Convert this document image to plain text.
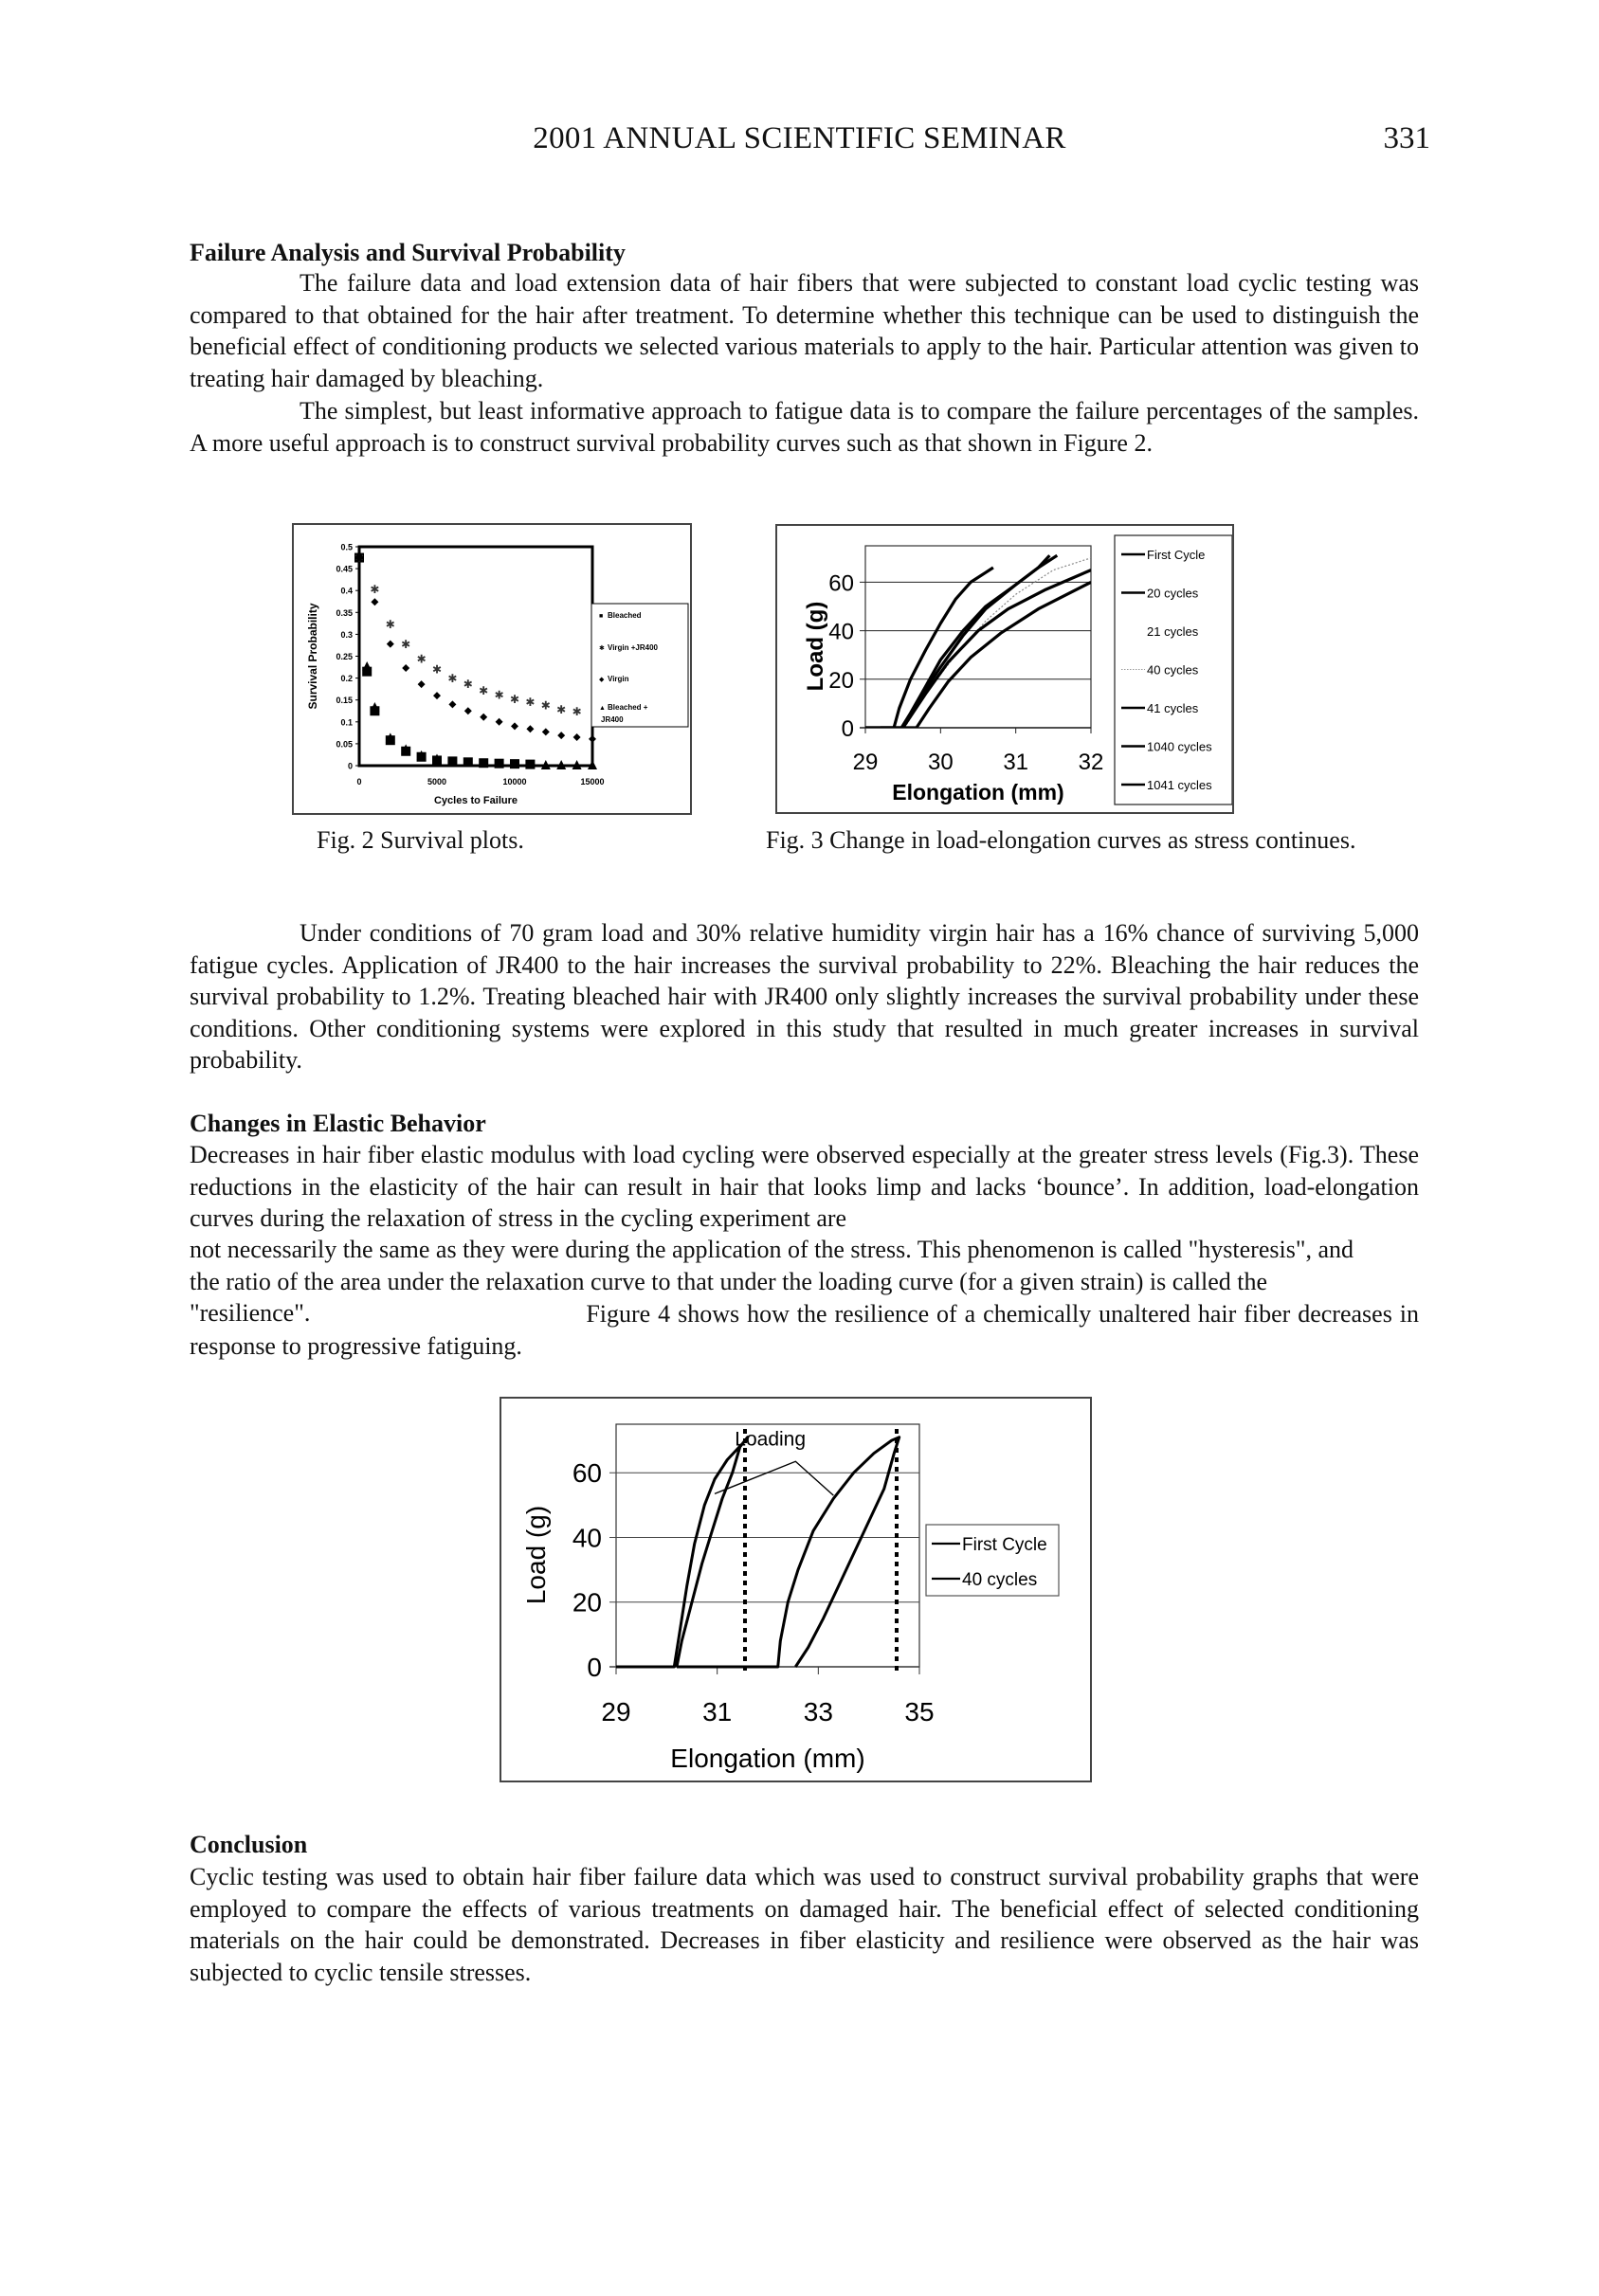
2001 ANNUAL SCIENTIFIC SEMINAR	331
Failure Analysis and Survival Probability
The failure data and load extension data of hair fibers that were subjected to constant load cyclic testing was compared to that obtained for the hair after treatment. To determine whether this technique can be used to distinguish the beneficial effect of conditioning products we selected various materials to apply to the hair. Particular attention was given to treating hair damaged by bleaching.
The simplest, but least informative approach to fatigue data is to compare the failure percentages of the samples. A more useful approach is to construct survival probability curves such as that shown in Figure 2.
0
0.05
0.1
0.15
0.2
0.25
0.3
0.35
0.4
0.45
0.5
0	5000	10000	15000
Cycles to Failure
Survival Probability
✱
✱
✱
✱
✱
✱ ✱ ✱ ✱ ✱ ✱ ✱ ✱ ✱
■ Bleached
✱ Virgin +JR400
◆ Virgin
▲ Bleached +
JR400
Fig. 2 Survival plots.
0
20
40
60
29 30 31 32
Elongation (mm)
Load (g)
First Cycle
20 cycles
21 cycles
40 cycles
41 cycles
1040 cycles
1041 cycles
Fig. 3 Change in load-elongation curves as stress continues.
Under conditions of 70 gram load and 30% relative humidity virgin hair has a 16% chance of surviving 5,000 fatigue cycles. Application of JR400 to the hair increases the survival probability to 22%. Bleaching the hair reduces the survival probability to 1.2%. Treating bleached hair with JR400 only slightly increases the survival probability under these conditions. Other conditioning systems were explored in this study that resulted in much greater increases in survival probability.
Changes in Elastic Behavior
Decreases in hair fiber elastic modulus with load cycling were observed especially at the greater stress levels (Fig.3). These reductions in the elasticity of the hair can result in hair that looks limp and lacks ‘bounce’. In addition, load-elongation curves during the relaxation of stress in the cycling experiment are
not necessarily the same as they were during the application of the stress. This phenomenon is called "hysteresis", and the ratio of the area under the relaxation curve to that under the loading curve (for a given strain) is called the "resilience".	Figure 4 shows how the resilience of a chemically unaltered hair fiber decreases in response to progressive fatiguing.
0
20
40
60
29	31	33	35
Elongation (mm)
Load (g)
Loading
First Cycle
40 cycles
Conclusion
Cyclic testing was used to obtain hair fiber failure data which was used to construct survival probability graphs that were employed to compare the effects of various treatments on damaged hair. The beneficial effect of selected conditioning materials on the hair could be demonstrated. Decreases in fiber elasticity and resilience were observed as the hair was subjected to cyclic tensile stresses.
